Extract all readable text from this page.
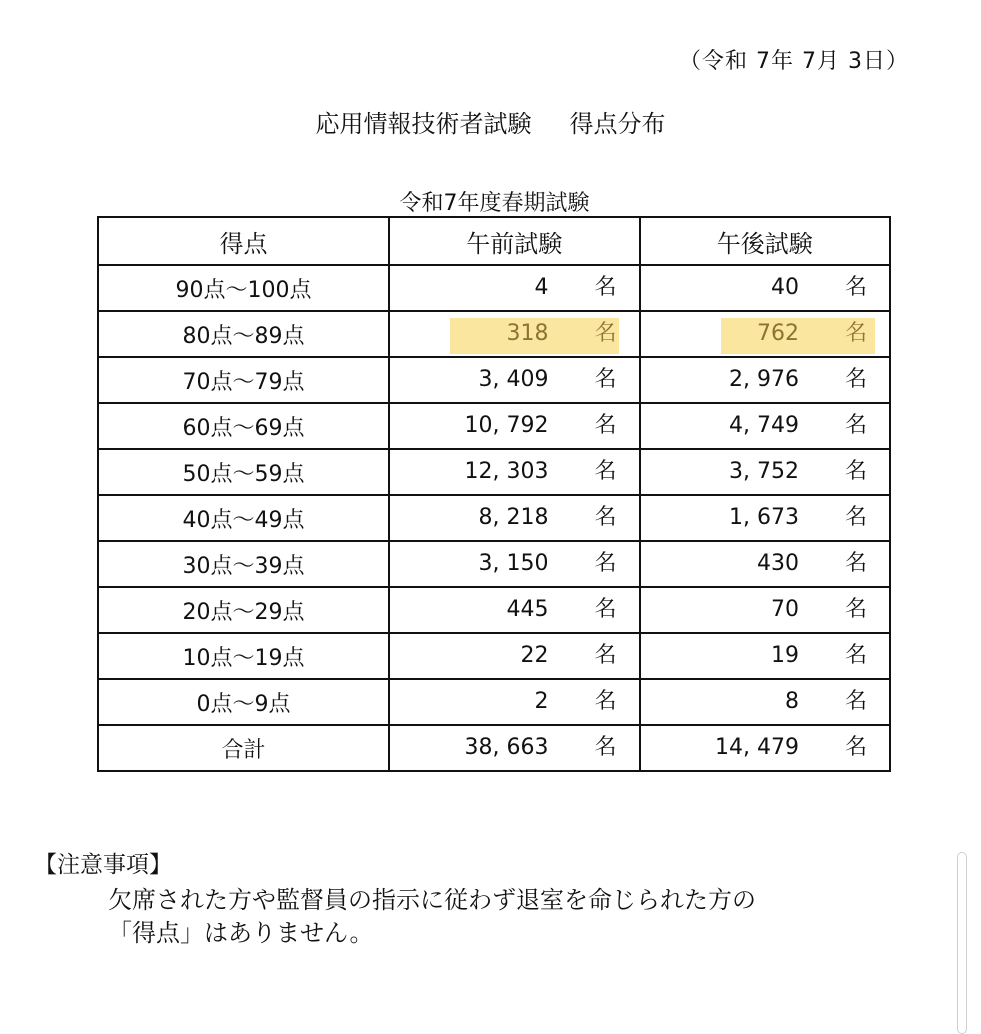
（令和 7年 7月 3日）
応用情報技術者試験 得点分布
令和7年度春期試験
得点	午前試験	午後試験
90点～100点	4 名	40 名

80点～89点	318 名	762 名

70点～79点	3, 409 名	2, 976 名

60点～69点	10, 792 名	4, 749 名

50点～59点	12, 303 名	3, 752 名

40点～49点	8, 218 名	1, 673 名

30点～39点	3, 150 名	430 名

20点～29点	445 名	70 名

10点～19点	22 名	19 名

0点～9点	2 名	8 名

合計	38, 663 名	14, 479 名
【注意事項】
欠席された方や監督員の指示に従わず退室を命じられた方の
「得点」はありません。
